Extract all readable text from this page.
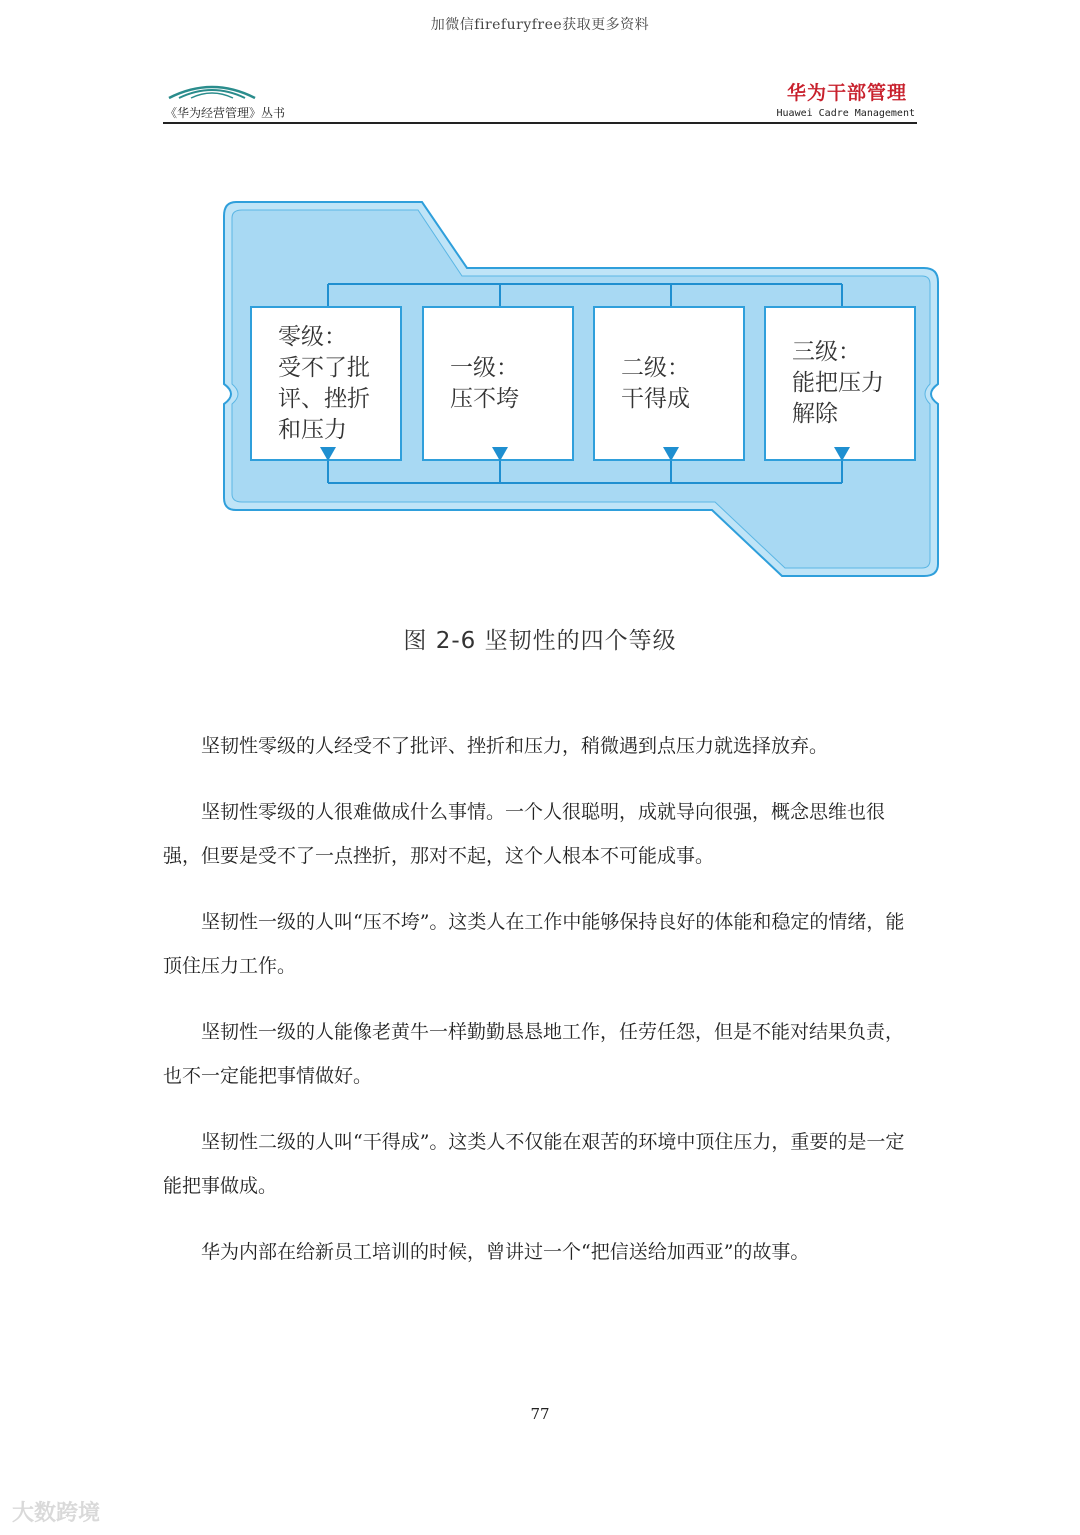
加微信firefuryfree获取更多资料
《华为经营管理》丛书
华为干部管理
Huawei Cadre Management
零级：
受不了批
评、挫折
和压力
一级：
压不垮
二级：
干得成
三级：
能把压力
解除
图 2-6 坚韧性的四个等级

坚韧性零级的人经受不了批评、挫折和压力，稍微遇到点压力就选择放弃。

坚韧性零级的人很难做成什么事情。一个人很聪明，成就导向很强，概念思维也很强，但要是受不了一点挫折，那对不起，这个人根本不可能成事。

坚韧性一级的人叫“压不垮”。这类人在工作中能够保持良好的体能和稳定的情绪，能顶住压力工作。

坚韧性一级的人能像老黄牛一样勤勤恳恳地工作，任劳任怨，但是不能对结果负责，也不一定能把事情做好。

坚韧性二级的人叫“干得成”。这类人不仅能在艰苦的环境中顶住压力，重要的是一定能把事做成。

华为内部在给新员工培训的时候，曾讲过一个“把信送给加西亚”的故事。

77
大数跨境
